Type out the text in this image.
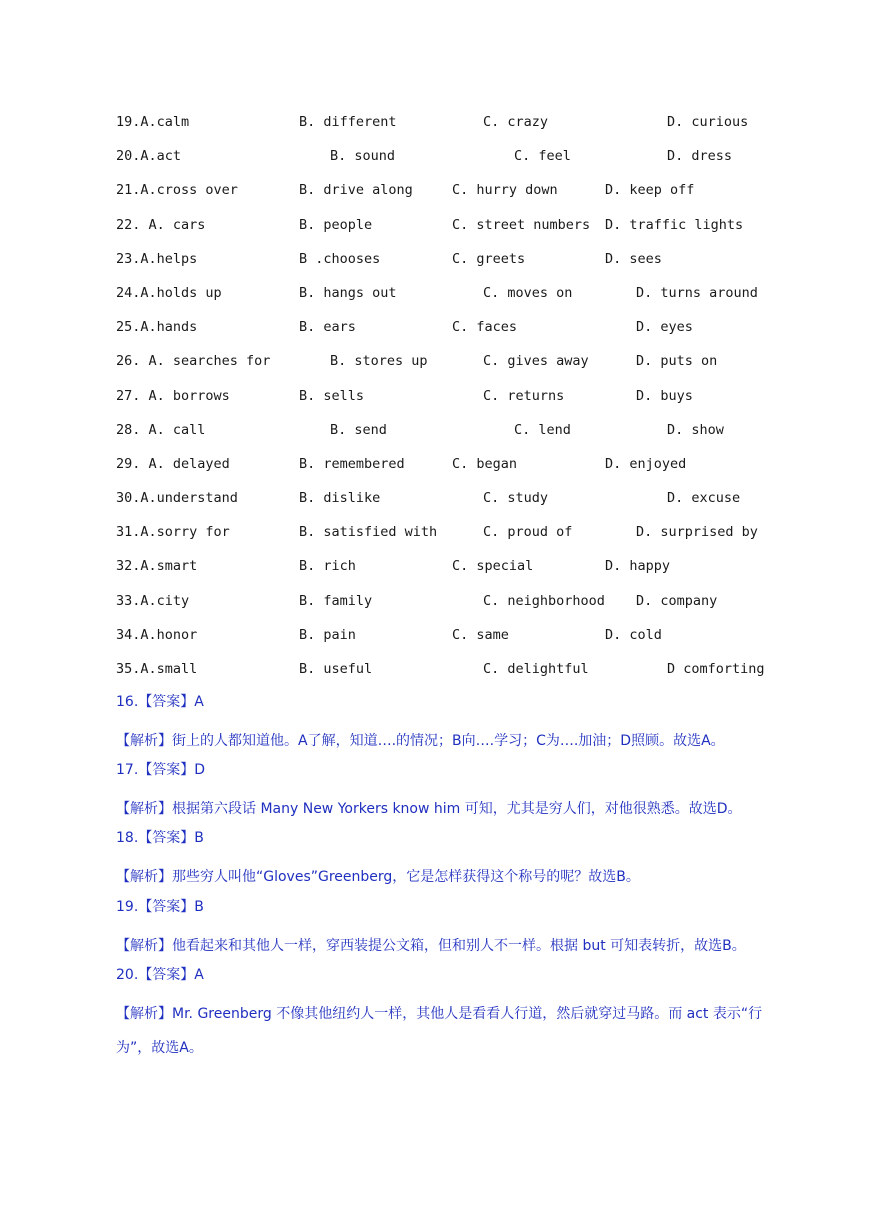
19.A.calm	B. different	C. crazy	D. curious
20.A.act	B. sound	C. feel	D. dress
21.A.cross over	B. drive along	C. hurry down	D. keep off
22. A. cars	B. people	C. street numbers D. traffic lights
23.A.helps	B .chooses	C. greets	D. sees
24.A.holds up	B. hangs out	C. moves on	D. turns around
25.A.hands	B. ears	C. faces	D. eyes
26. A. searches for	B. stores up	C. gives away	D. puts on
27. A. borrows	B. sells	C. returns	D. buys
28. A. call	B. send	C. lend	D. show
29. A. delayed	B. remembered	C. began	D. enjoyed
30.A.understand	B. dislike	C. study	D. excuse
31.A.sorry for	B. satisfied with	C. proud of	D. surprised by
32.A.smart	B. rich	C. special	D. happy
33.A.city	B. family	C. neighborhood D. company
34.A.honor	B. pain	C. same	D. cold
35.A.small	B. useful	C. delightful	D comforting
16.【答案】A
【解析】街上的人都知道他。A了解，知道….的情况；B向….学习；C为….加油；D照顾。故选A。
17.【答案】D
【解析】根据第六段话 Many New Yorkers know him 可知，尤其是穷人们，对他很熟悉。故选D。
18.【答案】B
【解析】那些穷人叫他“Gloves”Greenberg，它是怎样获得这个称号的呢？故选B。
19.【答案】B
【解析】他看起来和其他人一样，穿西装提公文箱，但和别人不一样。根据 but 可知表转折，故选B。
20.【答案】A
【解析】Mr. Greenberg 不像其他纽约人一样，其他人是看看人行道，然后就穿过马路。而 act 表示“行为”，故选A。
